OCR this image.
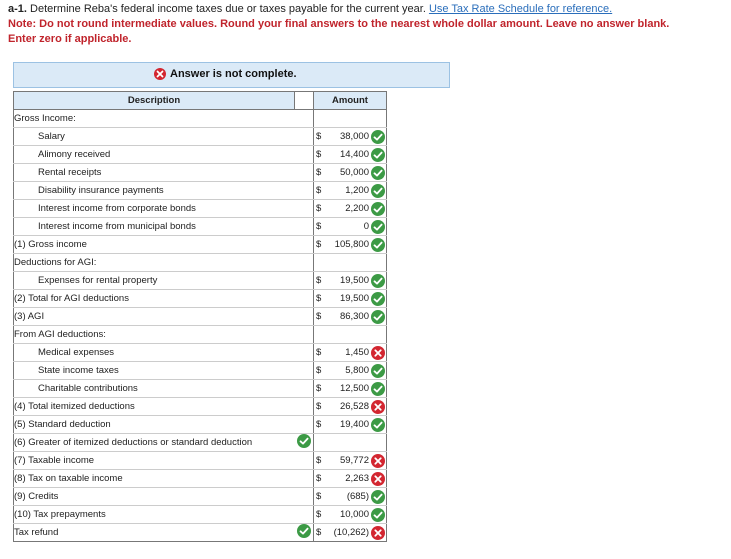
a-1. Determine Reba's federal income taxes due or taxes payable for the current year. Use Tax Rate Schedule for reference.
Note: Do not round intermediate values. Round your final answers to the nearest whole dollar amount. Leave no answer blank.
Enter zero if applicable.
Answer is not complete.
Description		Amount
Gross Income:		

Salary		$ 38,000

Alimony received		$ 14,400

Rental receipts		$ 50,000

Disability insurance payments		$ 1,200

Interest income from corporate bonds		$ 2,200

Interest income from municipal bonds		$ 0

(1) Gross income		$ 105,800

Deductions for AGI:		

Expenses for rental property		$ 19,500

(2) Total for AGI deductions		$ 19,500

(3) AGI		$ 86,300

From AGI deductions:		

Medical expenses		$ 1,450

State income taxes		$ 5,800

Charitable contributions		$ 12,500

(4) Total itemized deductions		$ 26,528

(5) Standard deduction		$ 19,400

(6) Greater of itemized deductions or standard deduction	

(7) Taxable income		$ 59,772

(8) Tax on taxable income		$ 2,263

(9) Credits		$ (685)

(10) Tax prepayments		$ 10,000

Tax refund		$ (10,262)
